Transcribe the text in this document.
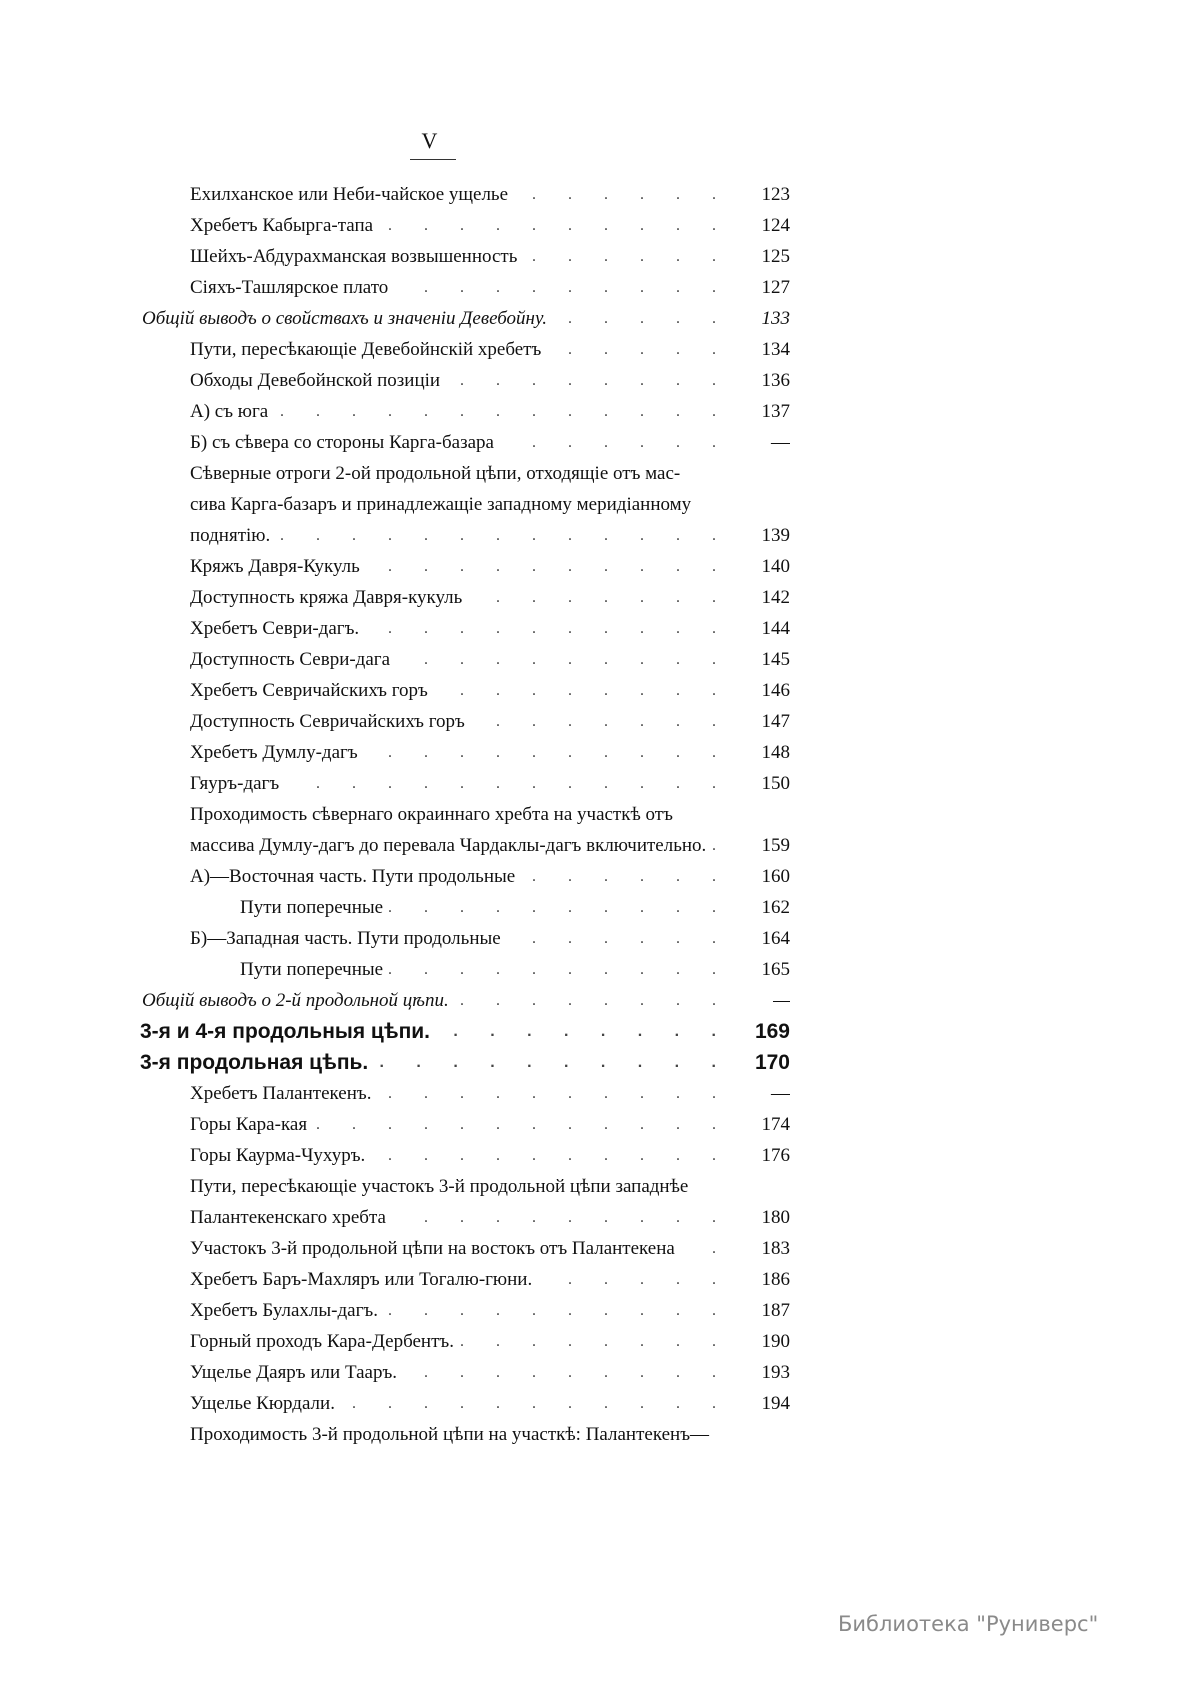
V
. . .
Ехилханское или Неби-чайское ущелье	123
. . .
Хребетъ Кабырга-тапа	124
. . .
Шейхъ-Абдурахманская возвышенность	125
. . .
Сіяхъ-Ташлярское плато	127
. . .
Общій выводъ о свойствахъ и значеніи Девебойну.	133
. . .
Пути, пересѣкающіе Девебойнскій хребетъ	134
. . .
Обходы Девебойнской позиціи	136
. . .
А) съ юга	137
. . .
Б) съ сѣвера со стороны Карга-базара	—
Сѣверные отроги 2-ой продольной цѣпи, отходящіе отъ мас-
сива Карга-базаръ и принадлежащіе западному меридіанному
. . .
поднятію.	139
. . .
Кряжъ Давря-Кукуль	140
. . .
Доступность кряжа Давря-кукуль	142
. . .
Хребетъ Севри-дагъ.	144
. . .
Доступность Севри-дага	145
. . .
Хребетъ Севричайскихъ горъ	146
. . .
Доступность Севричайскихъ горъ	147
. . .
Хребетъ Думлу-дагъ	148
. . .
Гяуръ-дагъ	150
Проходимость сѣвернаго окраиннаго хребта на участкѣ отъ
. . .
массива Думлу-дагъ до перевала Чардаклы-дагъ включительно.	159
. . .
А)—Восточная часть. Пути продольные	160
. . .
Пути поперечные	162
. . .
Б)—Западная часть. Пути продольные	164
. . .
Пути поперечные	165
. . .
Общій выводъ о 2-й продольной цѣпи.	—
. . .
3-я и 4-я продольныя цѣпи.	169
. . .
3-я продольная цѣпь.	170
. . .
Хребетъ Палантекенъ.	—
. . .
Горы Кара-кая	174
. . .
Горы Каурма-Чухуръ.	176
Пути, пересѣкающіе участокъ 3-й продольной цѣпи западнѣе
. . .
Палантекенскаго хребта	180
. . .
Участокъ 3-й продольной цѣпи на востокъ отъ Палантекена	183
. . .
Хребетъ Баръ-Махляръ или Тогалю-гюни.	186
. . .
Хребетъ Булахлы-дагъ.	187
. . .
Горный проходъ Кара-Дербентъ.	190
. . .
Ущелье Даяръ или Тааръ.	193
. . .
Ущелье Кюрдали.	194
Проходимость 3-й продольной цѣпи на участкѣ: Палантекенъ—
Библиотека "Руниверс"
